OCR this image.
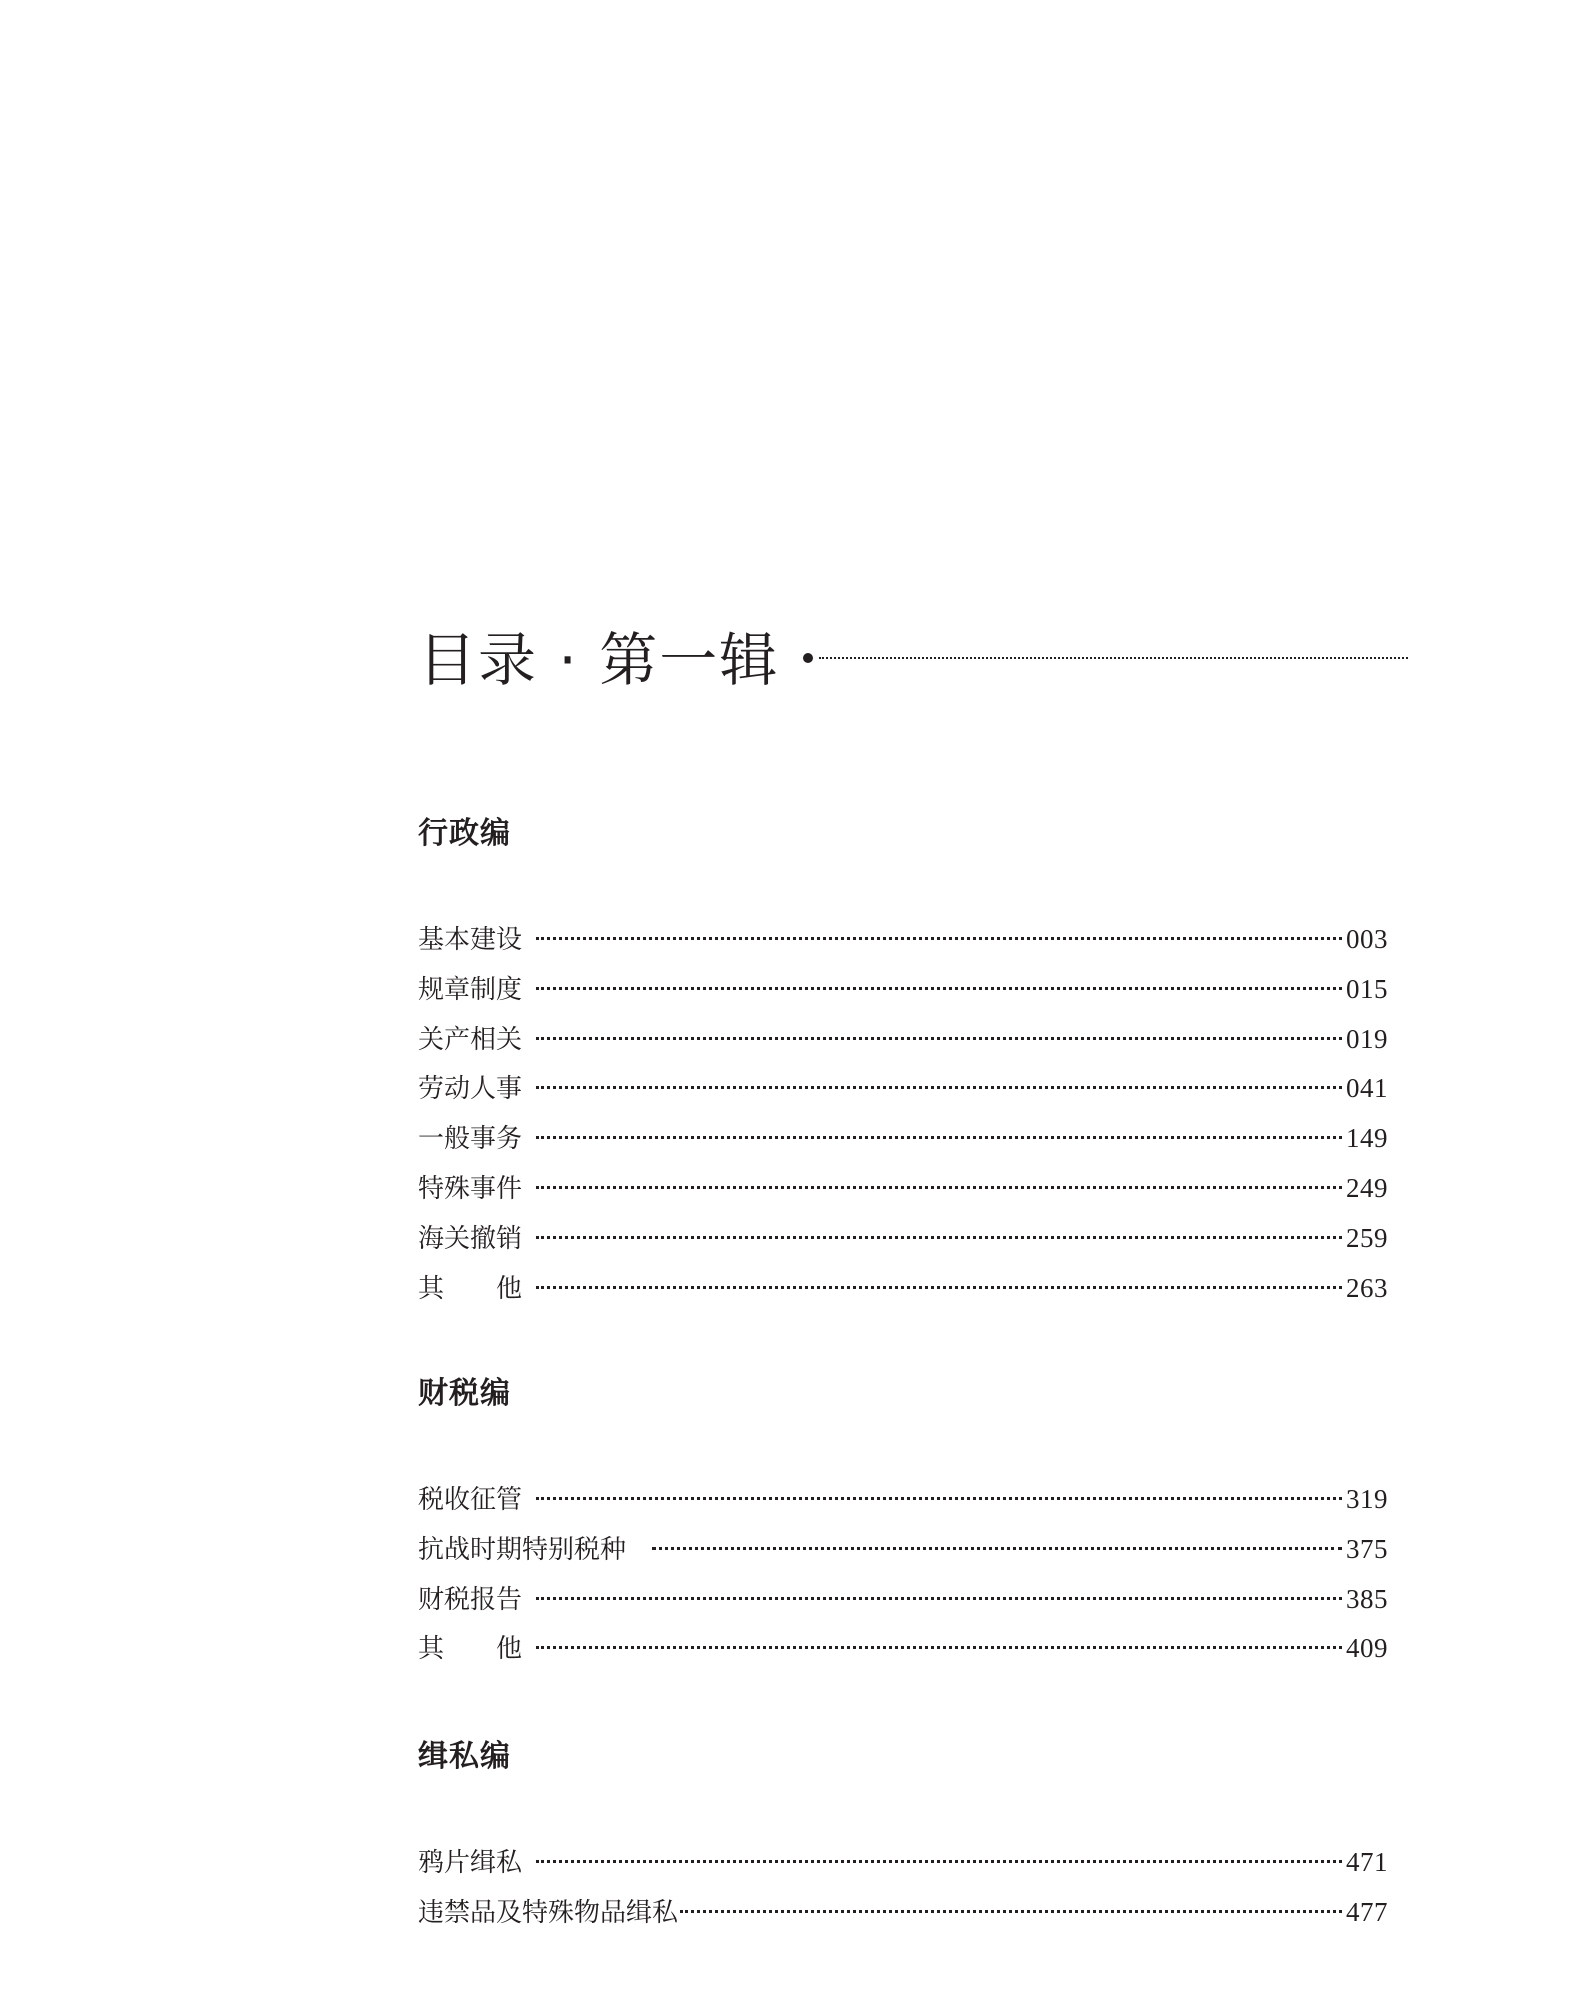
目录 · 第一辑
行政编
基本建设	003
规章制度	015
关产相关	019
劳动人事	041
一般事务	149
特殊事件	249
海关撤销	259
其　　他	263
财税编
税收征管	319
抗战时期特别税种	375
财税报告	385
其　　他	409
缉私编
鸦片缉私	471
违禁品及特殊物品缉私	477
